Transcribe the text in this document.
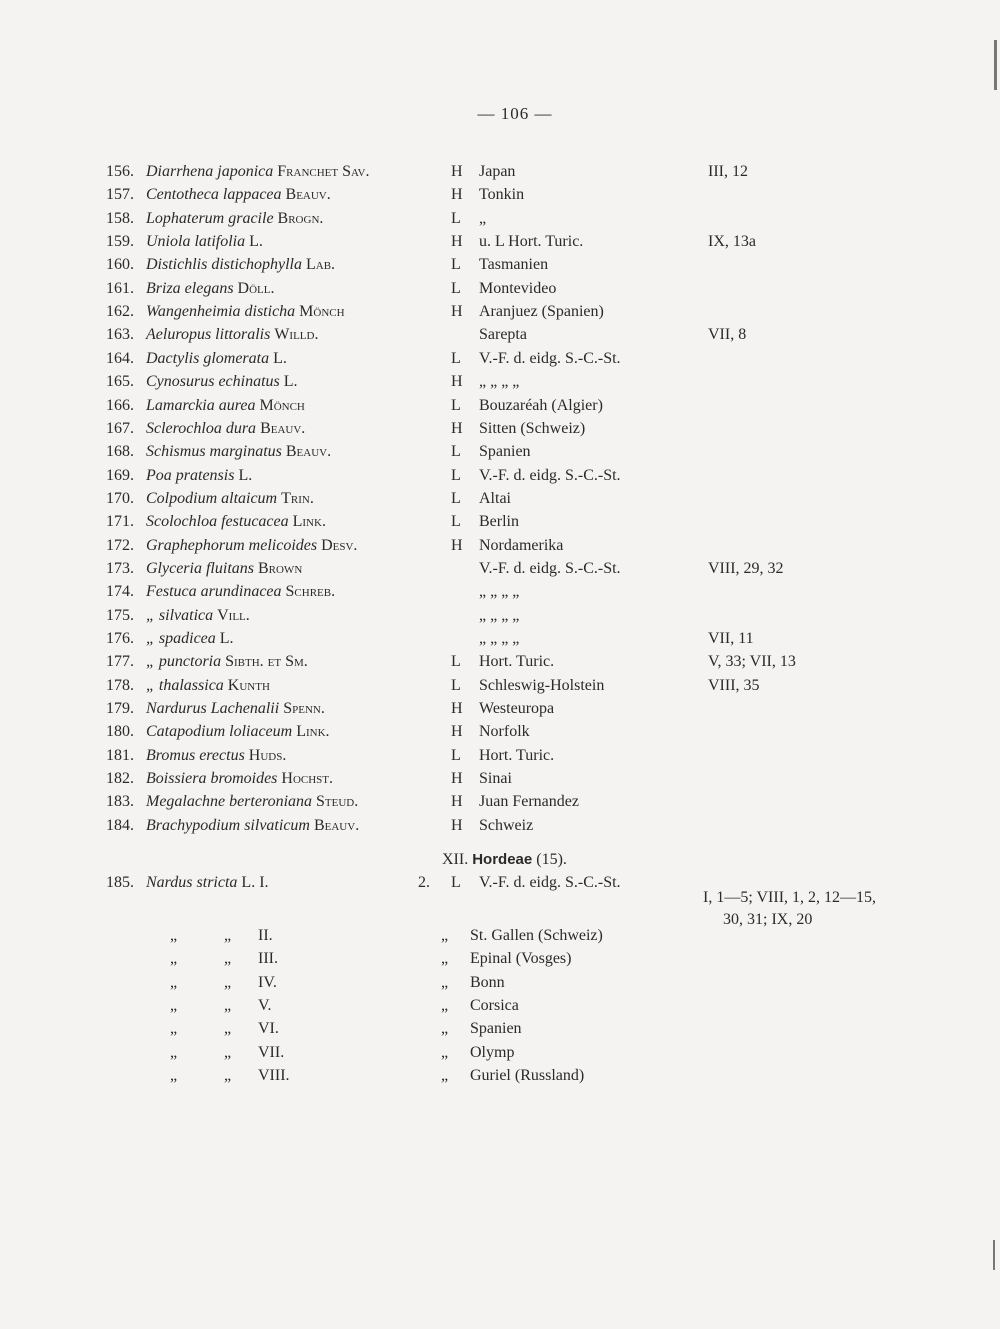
— 106 —
156. Diarrhena japonica Franchet Sav.	H Japan	III, 12
157. Centotheca lappacea Beauv.	H Tonkin
158. Lophaterum gracile Brogn.	L „
159. Uniola latifolia L.	H u. L Hort. Turic.	IX, 13a
160. Distichlis distichophylla Lab.	L Tasmanien
161. Briza elegans Döll.	L Montevideo
162. Wangenheimia disticha Mönch	H Aranjuez (Spanien)
163. Aeluropus littoralis Willd.	Sarepta	VII, 8
164. Dactylis glomerata L.	L V.-F. d. eidg. S.-C.-St.
165. Cynosurus echinatus L.	H „ „ „ „
166. Lamarckia aurea Mönch	L Bouzaréah (Algier)
167. Sclerochloa dura Beauv.	H Sitten (Schweiz)
168. Schismus marginatus Beauv.	L Spanien
169. Poa pratensis L.	L V.-F. d. eidg. S.-C.-St.
170. Colpodium altaicum Trin.	L Altai
171. Scolochloa festucacea Link.	L Berlin
172. Graphephorum melicoides Desv.	H Nordamerika
173. Glyceria fluitans Brown	V.-F. d. eidg. S.-C.-St.	VIII, 29, 32
174. Festuca arundinacea Schreb.	„ „ „ „
175. „ silvatica Vill.	„ „ „ „
176. „ spadicea L.	„ „ „ „	VII, 11
177. „ punctoria Sibth. et Sm.	L Hort. Turic.	V, 33; VII, 13
178. „ thalassica Kunth	L Schleswig-Holstein	VIII, 35
179. Nardurus Lachenalii Spenn.	H Westeuropa
180. Catapodium loliaceum Link.	H Norfolk
181. Bromus erectus Huds.	L Hort. Turic.
182. Boissiera bromoides Hochst.	H Sinai
183. Megalachne berteroniana Steud.	H Juan Fernandez
184. Brachypodium silvaticum Beauv.	H Schweiz
XII. Hordeae (15).
185. Nardus stricta L. I.	2. L V.-F. d. eidg. S.-C.-St.
I, 1—5; VIII, 1, 2, 12—15,
30, 31; IX, 20
„	„ II.	„ St. Gallen (Schweiz)
„	„ III.	„ Epinal (Vosges)
„	„ IV.	„ Bonn
„	„ V.	„ Corsica
„	„ VI.	„ Spanien
„	„ VII.	„ Olymp
„	„ VIII.	„ Guriel (Russland)
